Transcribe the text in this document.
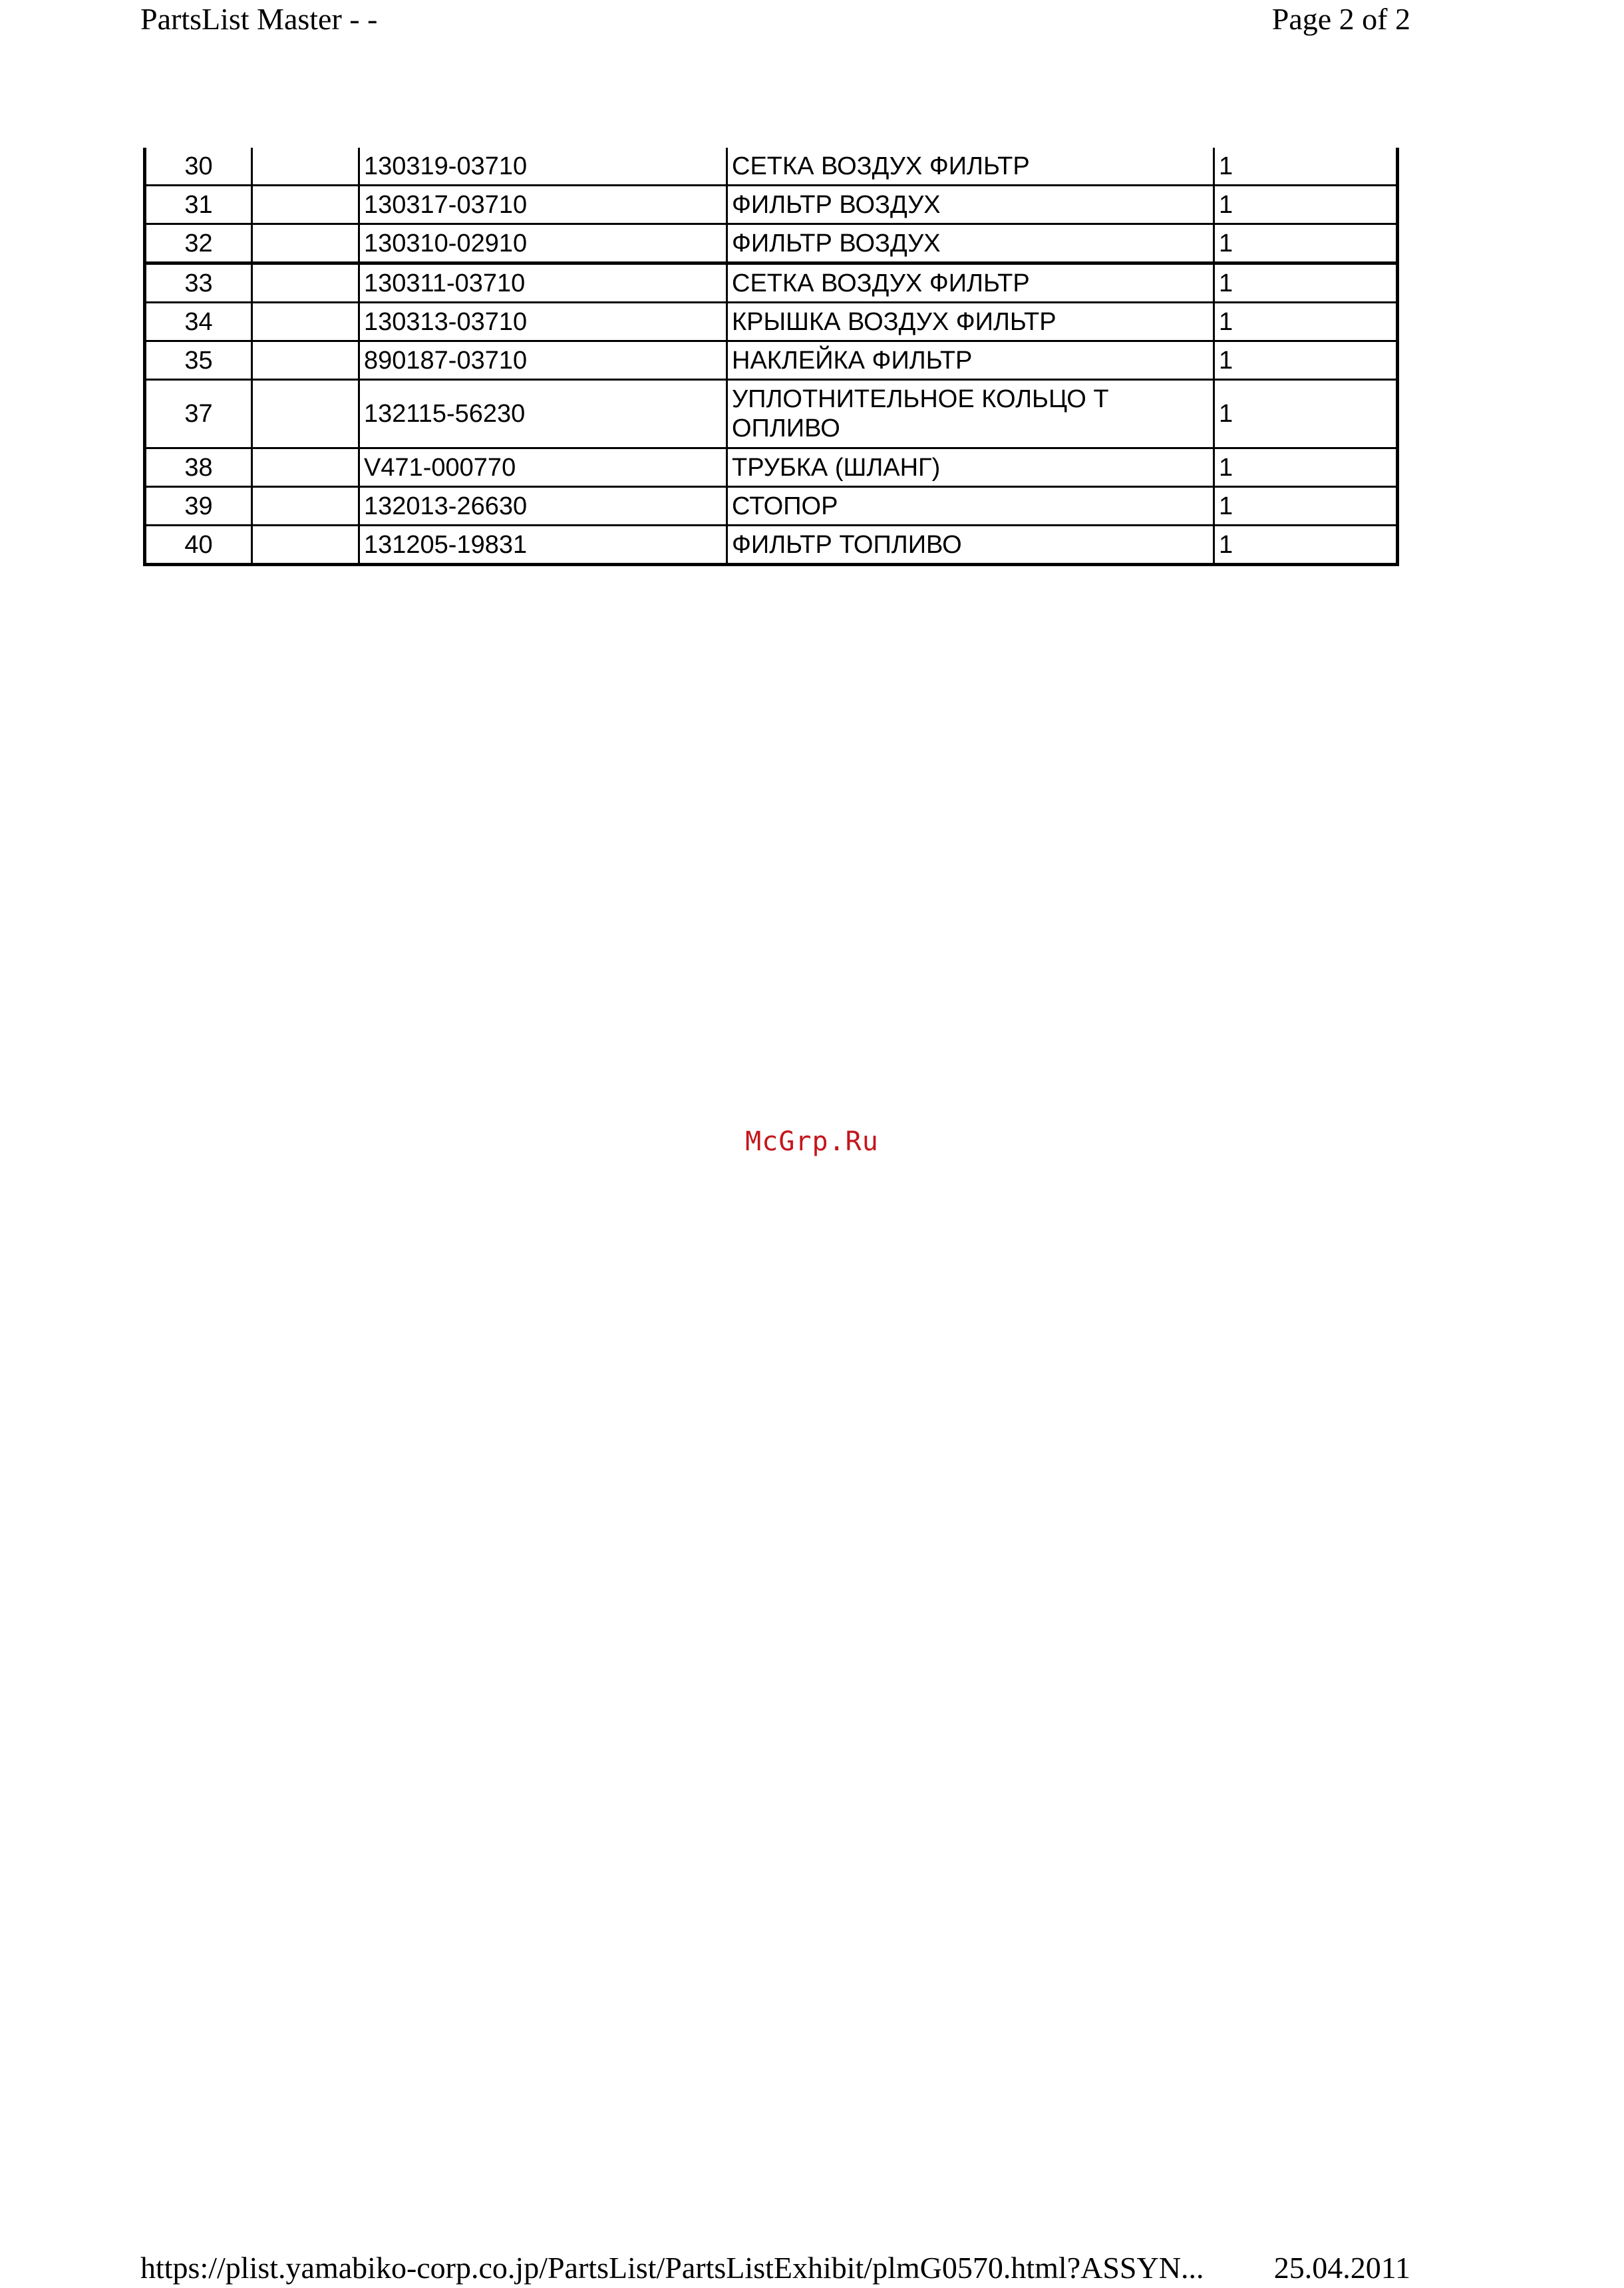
PartsList Master - -	Page 2 of 2
30		130319-03710	СЕТКА ВОЗДУХ ФИЛЬТР	1
31		130317-03710	ФИЛЬТР ВОЗДУХ	1
32		130310-02910	ФИЛЬТР ВОЗДУХ	1
33		130311-03710	СЕТКА ВОЗДУХ ФИЛЬТР	1
34		130313-03710	КРЫШКА ВОЗДУХ ФИЛЬТР	1
35		890187-03710	НАКЛЕЙКА ФИЛЬТР	1
37		132115-56230	УПЛОТНИТЕЛЬНОЕ КОЛЬЦО Т ОПЛИВО	1
38		V471-000770	ТРУБКА (ШЛАНГ)	1
39		132013-26630	СТОПОР	1
40		131205-19831	ФИЛЬТР ТОПЛИВО	1
McGrp.Ru
https://plist.yamabiko-corp.co.jp/PartsList/PartsListExhibit/plmG0570.html?ASSYN... 25.04.2011
